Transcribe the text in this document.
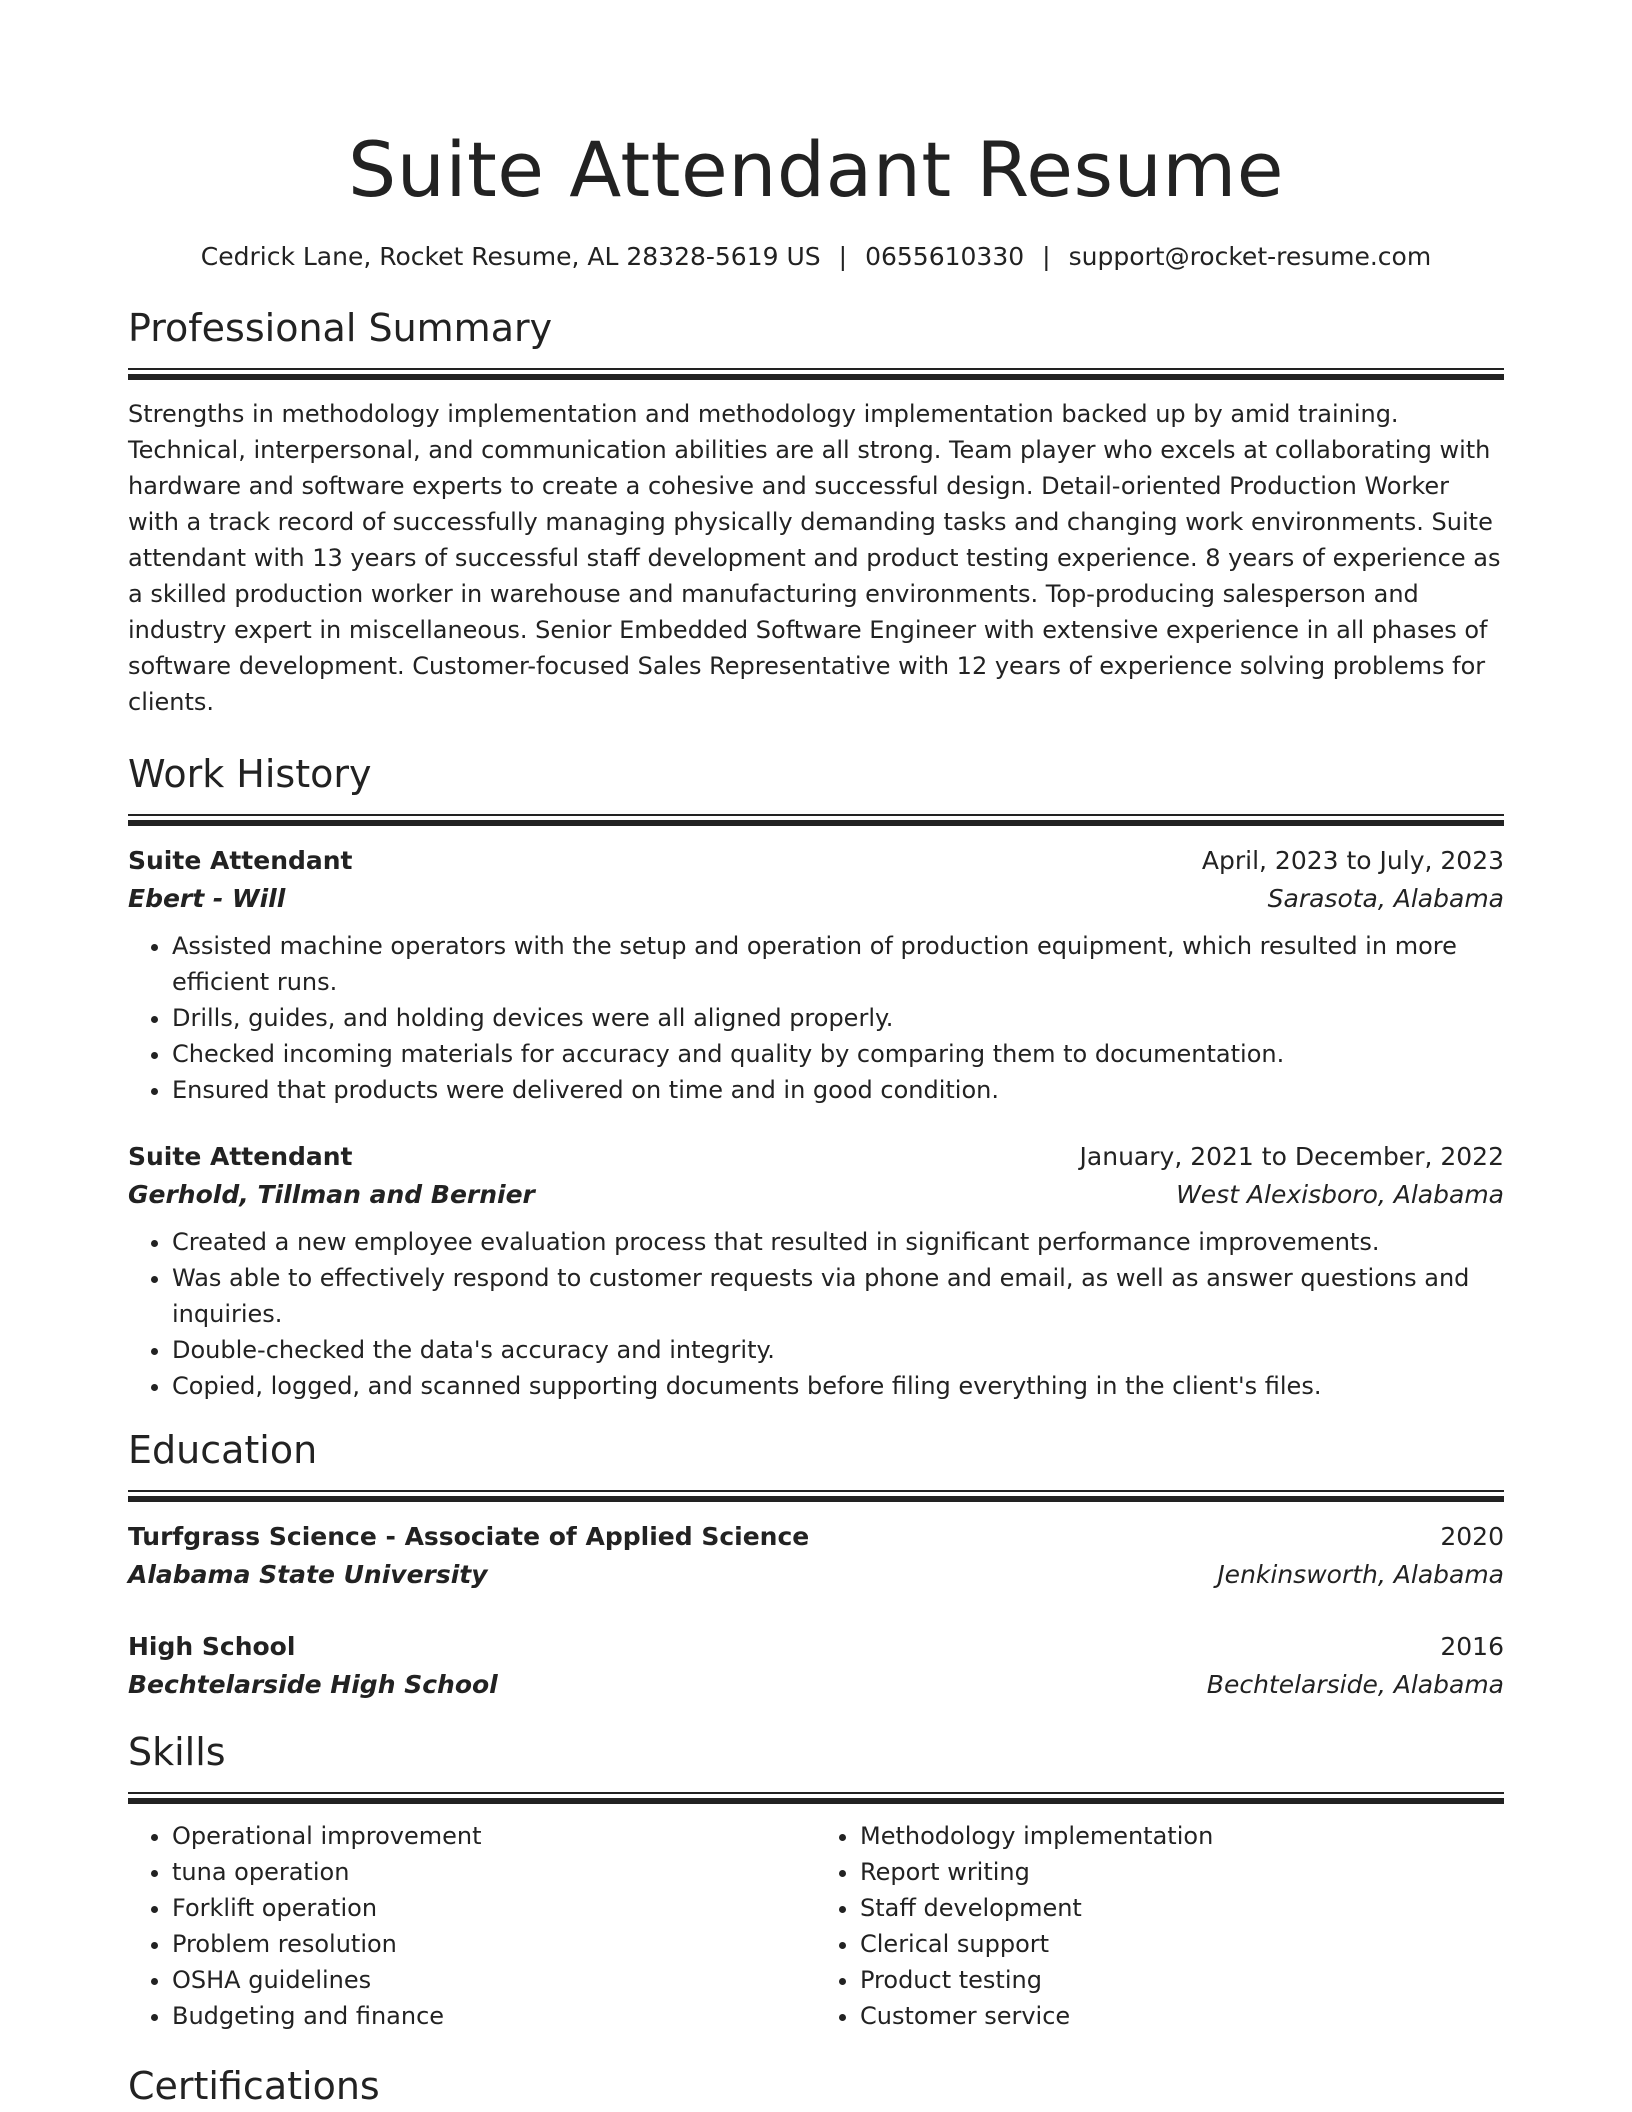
Suite Attendant Resume
Cedrick Lane, Rocket Resume, AL 28328-5619 US | 0655610330 | support@rocket-resume.com
Professional Summary

Strengths in methodology implementation and methodology implementation backed up by amid training. Technical, interpersonal, and communication abilities are all strong. Team player who excels at collaborating with hardware and software experts to create a cohesive and successful design. Detail-oriented Production Worker with a track record of successfully managing physically demanding tasks and changing work environments. Suite attendant with 13 years of successful staff development and product testing experience. 8 years of experience as a skilled production worker in warehouse and manufacturing environments. Top-producing salesperson and industry expert in miscellaneous. Senior Embedded Software Engineer with extensive experience in all phases of software development. Customer-focused Sales Representative with 12 years of experience solving problems for clients.

Work History
Suite Attendant	April, 2023 to July, 2023
Ebert - Will	Sarasota, Alabama
• Assisted machine operators with the setup and operation of production equipment, which resulted in more efficient runs.
• Drills, guides, and holding devices were all aligned properly.
• Checked incoming materials for accuracy and quality by comparing them to documentation.
• Ensured that products were delivered on time and in good condition.
Suite Attendant	January, 2021 to December, 2022
Gerhold, Tillman and Bernier	West Alexisboro, Alabama
• Created a new employee evaluation process that resulted in significant performance improvements.
• Was able to effectively respond to customer requests via phone and email, as well as answer questions and inquiries.
• Double-checked the data's accuracy and integrity.
• Copied, logged, and scanned supporting documents before filing everything in the client's files.
Education
Turfgrass Science - Associate of Applied Science	2020
Alabama State University	Jenkinsworth, Alabama
High School	2016
Bechtelarside High School	Bechtelarside, Alabama
Skills
• Operational improvement
• tuna operation
• Forklift operation
• Problem resolution
• OSHA guidelines
• Budgeting and finance
• Methodology implementation
• Report writing
• Staff development
• Clerical support
• Product testing
• Customer service
Certifications
